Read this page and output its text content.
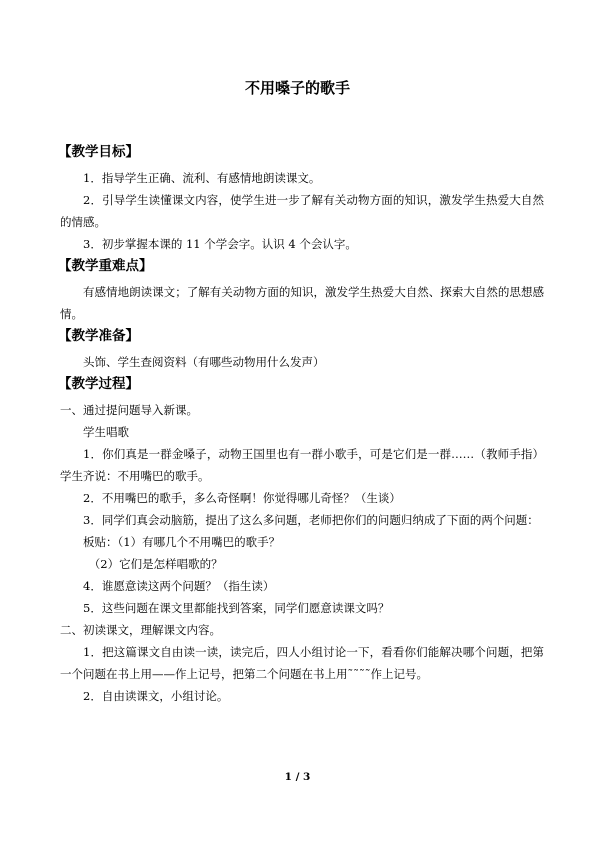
不用嗓子的歌手
【教学目标】

1．指导学生正确、流利、有感情地朗读课文。

2．引导学生读懂课文内容，使学生进一步了解有关动物方面的知识，激发学生热爱大自然的情感。

3．初步掌握本课的 11 个学会字。认识 4 个会认字。

【教学重难点】

有感情地朗读课文；了解有关动物方面的知识，激发学生热爱大自然、探索大自然的思想感情。

【教学准备】

头饰、学生查阅资料（有哪些动物用什么发声）

【教学过程】

一、通过提问题导入新课。

学生唱歌

1．你们真是一群金嗓子，动物王国里也有一群小歌手，可是它们是一群……（教师手指）学生齐说：不用嘴巴的歌手。

2．不用嘴巴的歌手，多么奇怪啊！你觉得哪儿奇怪？（生谈）

3．同学们真会动脑筋，提出了这么多问题，老师把你们的问题归纳成了下面的两个问题：

板贴：（1）有哪几个不用嘴巴的歌手？

（2）它们是怎样唱歌的？

4．谁愿意读这两个问题？（指生读）

5．这些问题在课文里都能找到答案，同学们愿意读课文吗？

二、初读课文，理解课文内容。

1．把这篇课文自由读一读，读完后，四人小组讨论一下，看看你们能解决哪个问题，把第一个问题在书上用——作上记号，把第二个问题在书上用˜˜˜˜作上记号。

2．自由读课文，小组讨论。

1 / 3
